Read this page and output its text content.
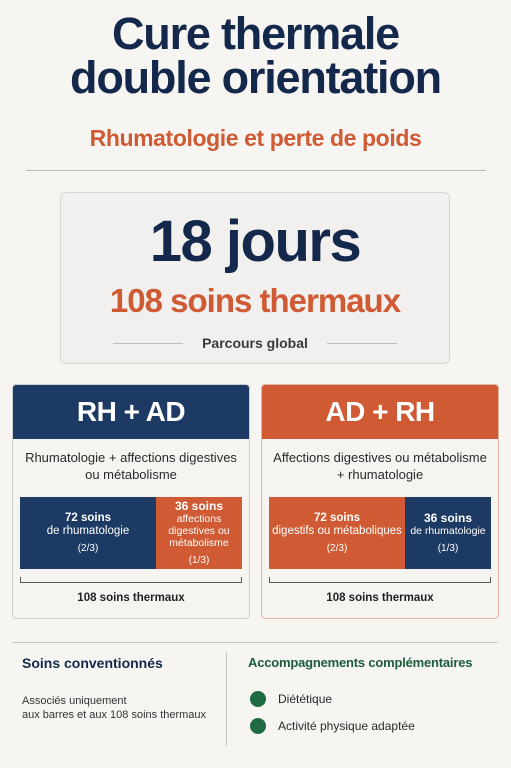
Cure thermale
double orientation
Rhumatologie et perte de poids
18 jours
108 soins thermaux
Parcours global
RH + AD
Rhumatologie + affections digestives ou métabolisme
72 soins
de rhumatologie
(2/3)
36 soins
affections digestives ou métabolisme
(1/3)
108 soins thermaux
AD + RH
Affections digestives ou métabolisme + rhumatologie
72 soins
digestifs ou métaboliques
(2/3)
36 soins
de rhumatologie
(1/3)
108 soins thermaux
Soins conventionnés
Associés uniquement
aux barres et aux 108 soins thermaux
Accompagnements complémentaires
Diététique
Activité physique adaptée
